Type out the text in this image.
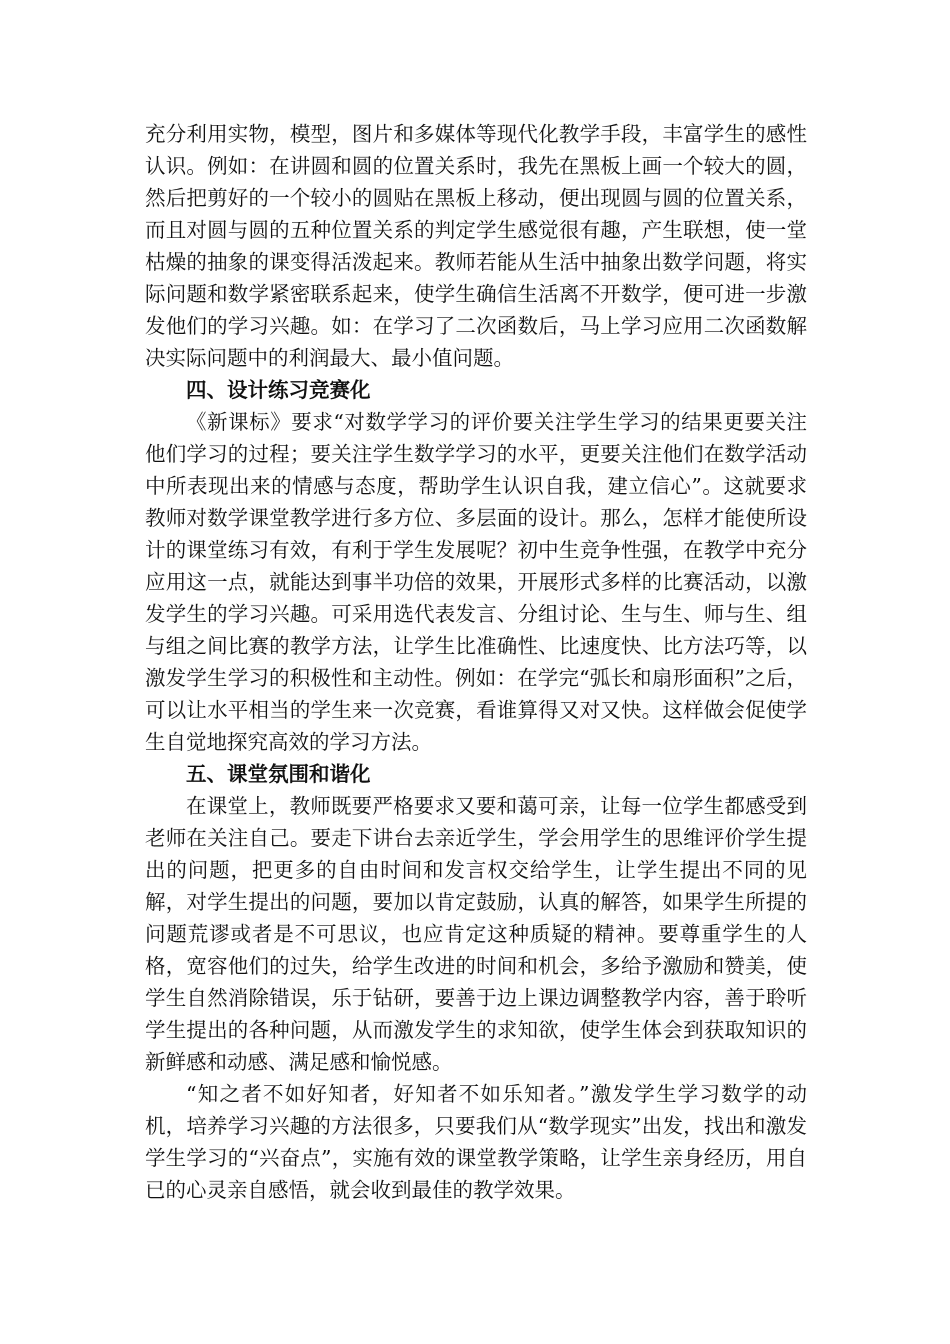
充分利用实物，模型，图片和多媒体等现代化教学手段，丰富学生的感性认识。例如：在讲圆和圆的位置关系时，我先在黑板上画一个较大的圆，然后把剪好的一个较小的圆贴在黑板上移动，便出现圆与圆的位置关系，而且对圆与圆的五种位置关系的判定学生感觉很有趣，产生联想，使一堂枯燥的抽象的课变得活泼起来。教师若能从生活中抽象出数学问题，将实际问题和数学紧密联系起来，使学生确信生活离不开数学，便可进一步激发他们的学习兴趣。如：在学习了二次函数后，马上学习应用二次函数解决实际问题中的利润最大、最小值问题。

四、设计练习竞赛化

《新课标》要求“对数学学习的评价要关注学生学习的结果更要关注他们学习的过程；要关注学生数学学习的水平，更要关注他们在数学活动中所表现出来的情感与态度，帮助学生认识自我，建立信心”。这就要求教师对数学课堂教学进行多方位、多层面的设计。那么，怎样才能使所设计的课堂练习有效，有利于学生发展呢？初中生竞争性强，在教学中充分应用这一点，就能达到事半功倍的效果，开展形式多样的比赛活动，以激发学生的学习兴趣。可采用选代表发言、分组讨论、生与生、师与生、组与组之间比赛的教学方法，让学生比准确性、比速度快、比方法巧等，以激发学生学习的积极性和主动性。例如：在学完“弧长和扇形面积”之后，可以让水平相当的学生来一次竞赛，看谁算得又对又快。这样做会促使学生自觉地探究高效的学习方法。

五、课堂氛围和谐化

在课堂上，教师既要严格要求又要和蔼可亲，让每一位学生都感受到老师在关注自己。要走下讲台去亲近学生，学会用学生的思维评价学生提出的问题，把更多的自由时间和发言权交给学生，让学生提出不同的见解，对学生提出的问题，要加以肯定鼓励，认真的解答，如果学生所提的问题荒谬或者是不可思议，也应肯定这种质疑的精神。要尊重学生的人格，宽容他们的过失，给学生改进的时间和机会，多给予激励和赞美，使学生自然消除错误，乐于钻研，要善于边上课边调整教学内容，善于聆听学生提出的各种问题，从而激发学生的求知欲，使学生体会到获取知识的新鲜感和动感、满足感和愉悦感。

“知之者不如好知者，好知者不如乐知者。”激发学生学习数学的动机，培养学习兴趣的方法很多，只要我们从“数学现实”出发，找出和激发学生学习的“兴奋点”，实施有效的课堂教学策略，让学生亲身经历，用自已的心灵亲自感悟，就会收到最佳的教学效果。
